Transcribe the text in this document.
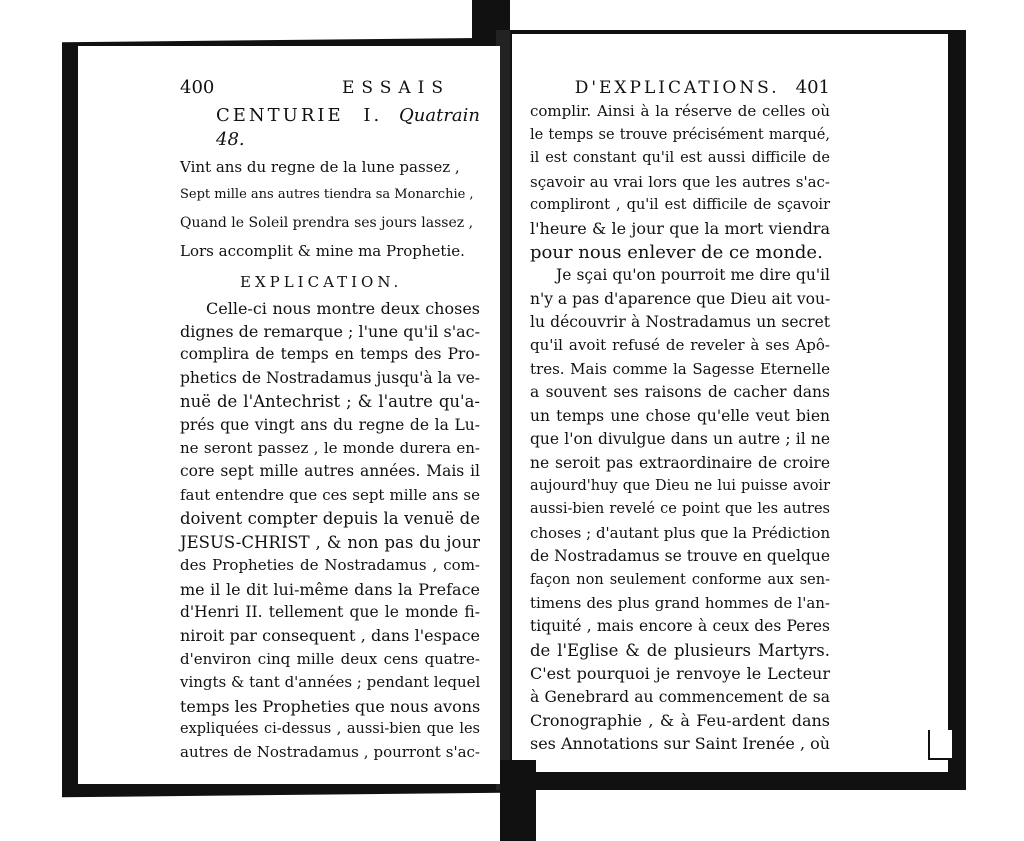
400	ESSAIS
CENTURIE I. Quatrain 48.
Vint ans du regne de la lune passez ,
Sept mille ans autres tiendra sa Monarchie ,
Quand le Soleil prendra ses jours lassez ,
Lors accomplit & mine ma Prophetie.
EXPLICATION.
Celle-ci nous montre deux choses
dignes de remarque ; l'une qu'il s'ac-
complira de temps en temps des Pro-
phetics de Nostradamus jusqu'à la ve-
nuë de l'Antechrist ; & l'autre qu'a-
prés que vingt ans du regne de la Lu-
ne seront passez , le monde durera en-
core sept mille autres années. Mais il
faut entendre que ces sept mille ans se
doivent compter depuis la venuë de
JESUS-CHRIST , & non pas du jour
des Propheties de Nostradamus , com-
me il le dit lui-même dans la Preface
d'Henri II. tellement que le monde fi-
niroit par consequent , dans l'espace
d'environ cinq mille deux cens quatre-
vingts & tant d'années ; pendant lequel
temps les Propheties que nous avons
expliquées ci-dessus , aussi-bien que les
autres de Nostradamus , pourront s'ac-
D'EXPLICATIONS. 401
complir. Ainsi à la réserve de celles où
le temps se trouve précisément marqué,
il est constant qu'il est aussi difficile de
sçavoir au vrai lors que les autres s'ac-
compliront , qu'il est difficile de sçavoir
l'heure & le jour que la mort viendra
pour nous enlever de ce monde.
Je sçai qu'on pourroit me dire qu'il
n'y a pas d'aparence que Dieu ait vou-
lu découvrir à Nostradamus un secret
qu'il avoit refusé de reveler à ses Apô-
tres. Mais comme la Sagesse Eternelle
a souvent ses raisons de cacher dans
un temps une chose qu'elle veut bien
que l'on divulgue dans un autre ; il ne
ne seroit pas extraordinaire de croire
aujourd'huy que Dieu ne lui puisse avoir
aussi-bien revelé ce point que les autres
choses ; d'autant plus que la Prédiction
de Nostradamus se trouve en quelque
façon non seulement conforme aux sen-
timens des plus grand hommes de l'an-
tiquité , mais encore à ceux des Peres
de l'Eglise & de plusieurs Martyrs.
C'est pourquoi je renvoye le Lecteur
à Genebrard au commencement de sa
Cronographie , & à Feu-ardent dans
ses Annotations sur Saint Irenée , où
